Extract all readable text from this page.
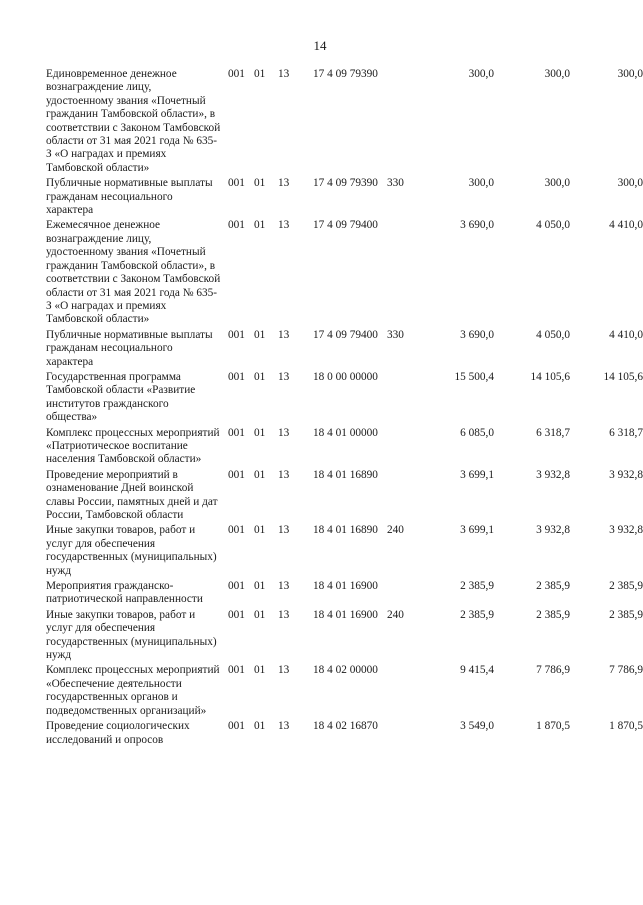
14
Единовременное денежное вознаграждение лицу, удостоенному звания «Почетный гражданин Тамбовской области», в соответствии с Законом Тамбовской области от 31 мая 2021 года № 635-З «О наградах и премиях Тамбовской области»
001 01	13	17 4 09 79390	300,0	300,0	300,0
Публичные нормативные выплаты гражданам несоциального характера
001 01	13	17 4 09 79390 330	300,0	300,0	300,0
Ежемесячное денежное вознаграждение лицу, удостоенному звания «Почетный гражданин Тамбовской области», в соответствии с Законом Тамбовской области от 31 мая 2021 года № 635-З «О наградах и премиях Тамбовской области»
001 01	13	17 4 09 79400	3 690,0	4 050,0	4 410,0
Публичные нормативные выплаты гражданам несоциального характера
001 01	13	17 4 09 79400 330	3 690,0	4 050,0	4 410,0
Государственная программа Тамбовской области «Развитие институтов гражданского общества»
001 01	13	18 0 00 00000	15 500,4	14 105,6	14 105,6
Комплекс процессных мероприятий «Патриотическое воспитание населения Тамбовской области»
001 01	13	18 4 01 00000	6 085,0	6 318,7	6 318,7
Проведение мероприятий в ознаменование Дней воинской славы России, памятных дней и дат России, Тамбовской области
001 01	13	18 4 01 16890	3 699,1	3 932,8	3 932,8
Иные закупки товаров, работ и услуг для обеспечения государственных (муниципальных) нужд
001 01	13	18 4 01 16890 240	3 699,1	3 932,8	3 932,8
Мероприятия гражданско-патриотической направленности
001 01	13	18 4 01 16900	2 385,9	2 385,9	2 385,9
Иные закупки товаров, работ и услуг для обеспечения государственных (муниципальных) нужд
001 01	13	18 4 01 16900 240	2 385,9	2 385,9	2 385,9
Комплекс процессных мероприятий «Обеспечение деятельности государственных органов и подведомственных организаций»
001 01	13	18 4 02 00000	9 415,4	7 786,9	7 786,9
Проведение социологических исследований и опросов
001 01	13	18 4 02 16870	3 549,0	1 870,5	1 870,5
